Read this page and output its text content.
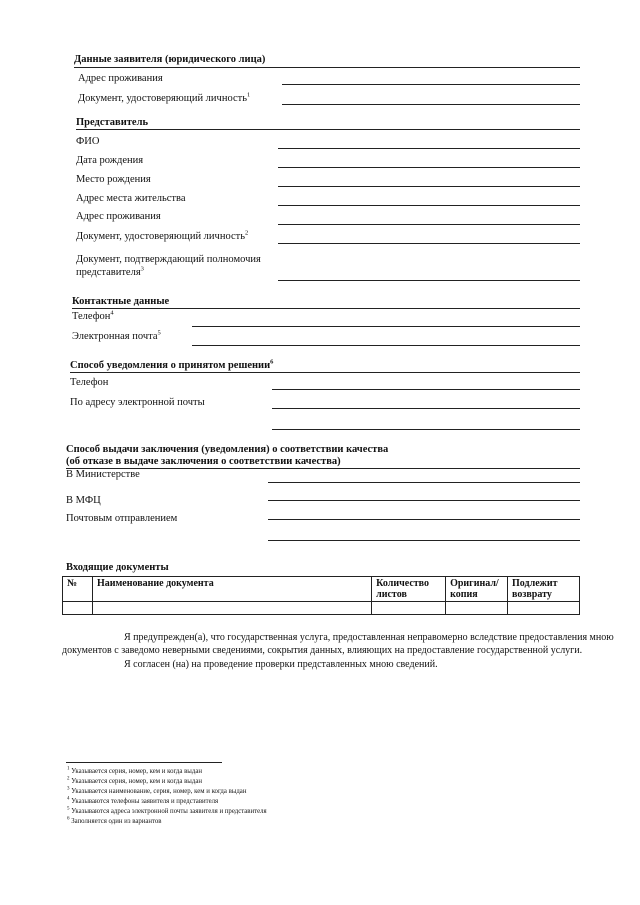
Данные заявителя (юридического лица)
Адрес проживания
Документ, удостоверяющий личность$^1$
Представитель
ФИО
Дата рождения
Место рождения
Адрес места жительства
Адрес проживания
Документ, удостоверяющий личность$^2$
Документ, подтверждающий полномочия
представителя$^3$
Контактные данные
Телефон$^4$
Электронная почта$^5$
Способ уведомления о принятом решении$^6$
Телефон
По адресу электронной почты
Способ выдачи заключения (уведомления) о соответствии качества
(об отказе в выдаче заключения о соответствии качества)
В Министерстве
В МФЦ
Почтовым отправлением
Входящие документы
№	Наименование документа	Количество листов	Оригинал/ копия	Подлежит возврату

Я предупрежден(а), что государственная услуга, предоставленная неправомерно вследствие предоставления мною документов с заведомо неверными сведениями, сокрытия данных, влияющих на предоставление государственной услуги.
Я согласен (на) на проведение проверки представленных мною сведений.
$^1$ Указывается серия, номер, кем и когда выдан
$^2$ Указывается серия, номер, кем и когда выдан
$^3$ Указывается наименование, серия, номер, кем и когда выдан
$^4$ Указываются телефоны заявителя и представителя
$^5$ Указываются адреса электронной почты заявителя и представителя
$^6$ Заполняется один из вариантов
